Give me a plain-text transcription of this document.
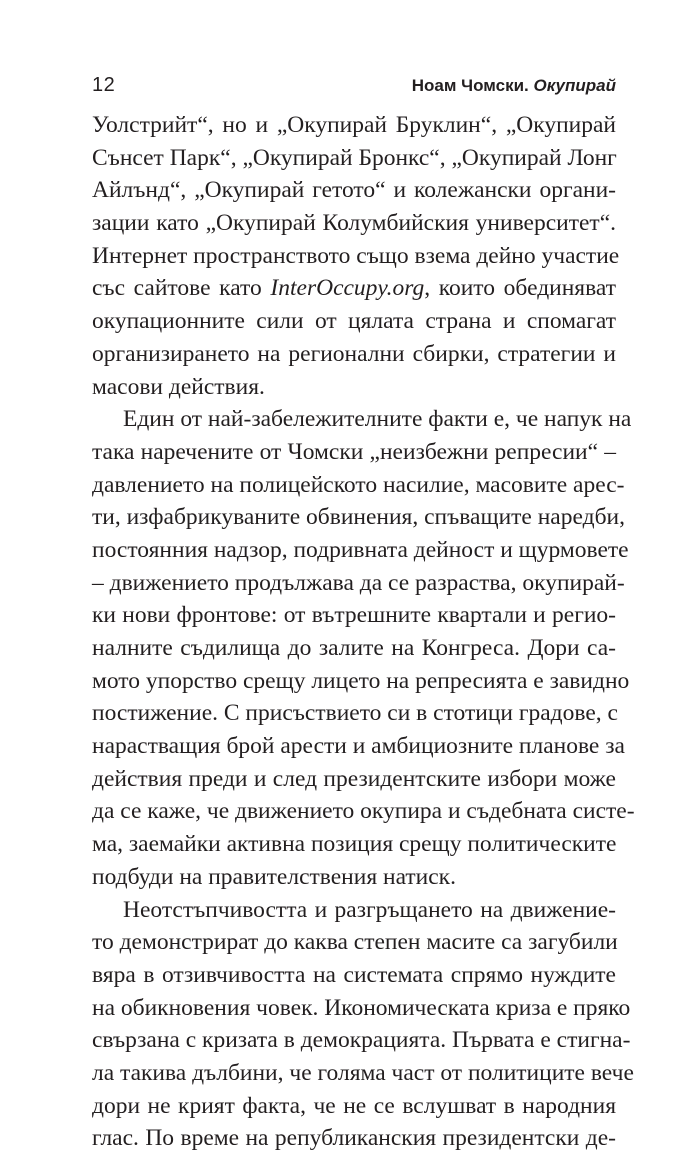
12	Ноам Чомски. Окупирай
Уолстрийт“, но и „Окупирай Бруклин“, „Окупирай
Сънсет Парк“, „Окупирай Бронкс“, „Окупирай Лонг
Айлънд“, „Окупирай гетото“ и колежански органи-
зации като „Окупирай Колумбийския университет“.
Интернет пространството също взема дейно участие
със сайтове като InterOccupy.org, които обединяват
окупационните сили от цялата страна и спомагат
организирането на регионални сбирки, стратегии и
масови действия.
Един от най-забележителните факти е, че напук на
така наречените от Чомски „неизбежни репресии“ –
давлението на полицейското насилие, масовите арес-
ти, изфабрикуваните обвинения, спъващите наредби,
постоянния надзор, подривната дейност и щурмовете
– движението продължава да се разраства, окупирай-
ки нови фронтове: от вътрешните квартали и регио-
налните съдилища до залите на Конгреса. Дори са-
мото упорство срещу лицето на репресията е завидно
постижение. С присъствието си в стотици градове, с
нарастващия брой арести и амбициозните планове за
действия преди и след президентските избори може
да се каже, че движението окупира и съдебната систе-
ма, заемайки активна позиция срещу политическите
подбуди на правителствения натиск.
Неотстъпчивостта и разгръщането на движение-
то демонстрират до каква степен масите са загубили
вяра в отзивчивостта на системата спрямо нуждите
на обикновения човек. Икономическата криза е пряко
свързана с кризата в демокрацията. Първата е стигна-
ла такива дълбини, че голяма част от политиците вече
дори не крият факта, че не се вслушват в народния
глас. По време на републиканския президентски де-
